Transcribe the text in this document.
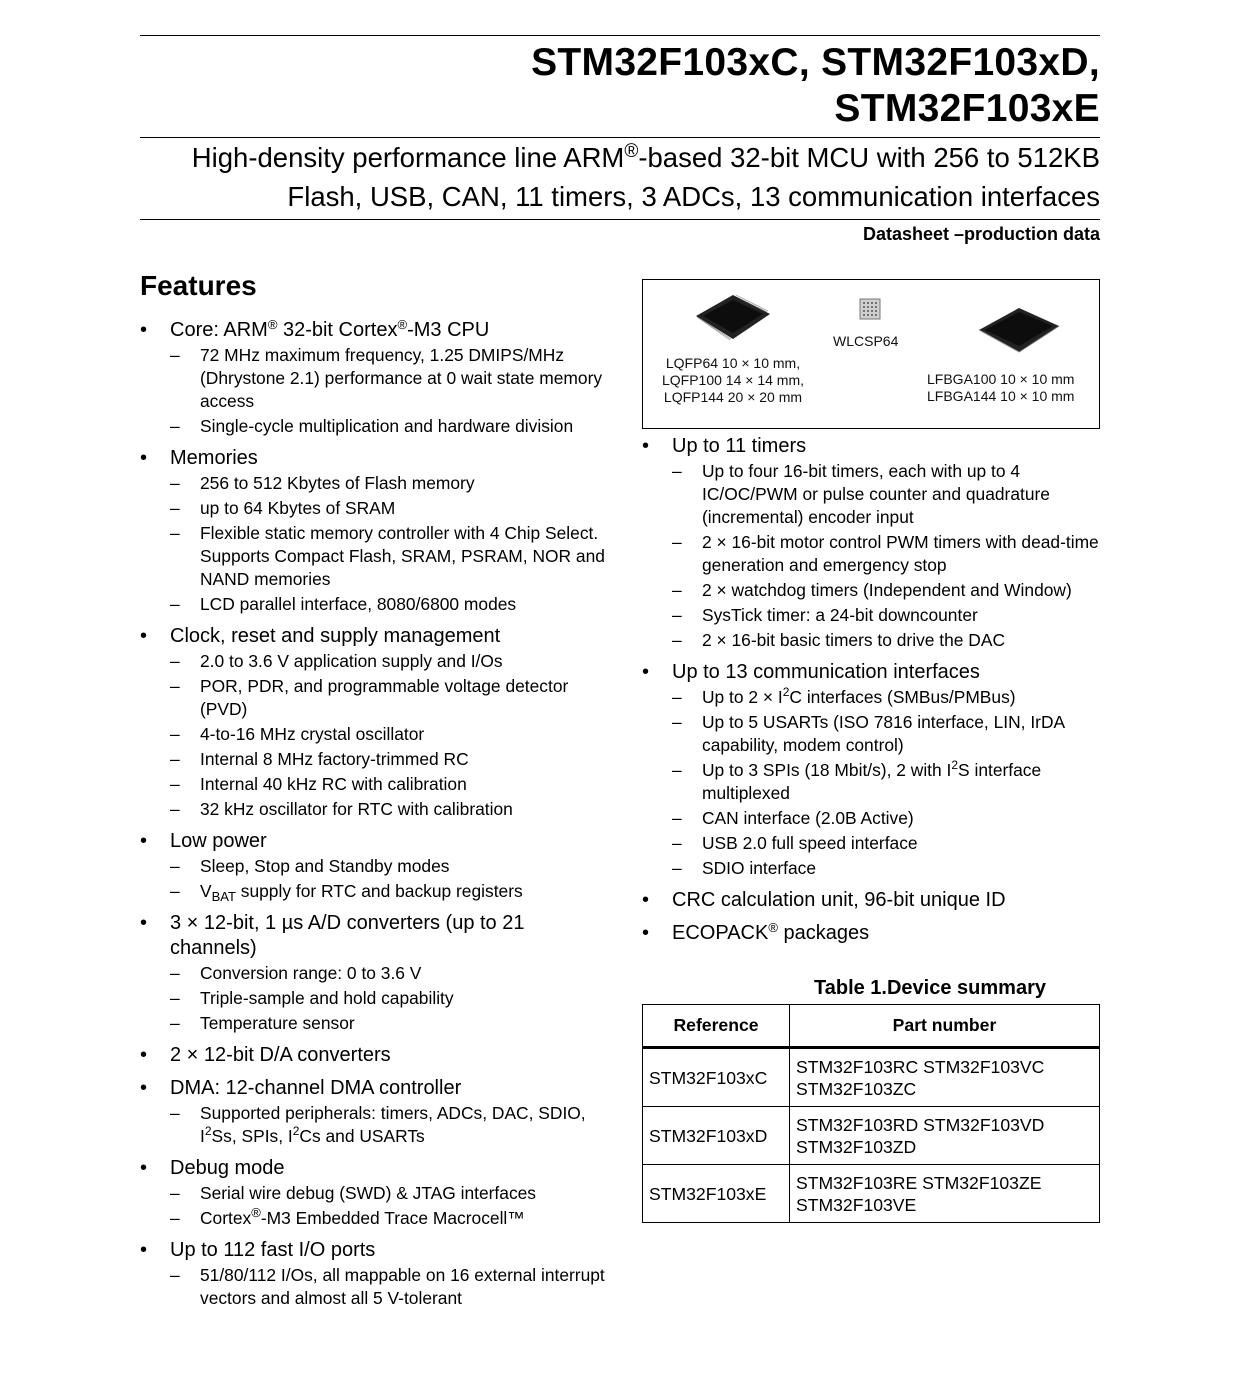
STM32F103xC, STM32F103xD,
STM32F103xE
High-density performance line ARM®-based 32-bit MCU with 256 to 512KB
Flash, USB, CAN, 11 timers, 3 ADCs, 13 communication interfaces
Datasheet –production data
Features
• Core: ARM® 32-bit Cortex®-M3 CPU
– 72 MHz maximum frequency, 1.25 DMIPS/MHz (Dhrystone 2.1) performance at 0 wait state memory access
– Single-cycle multiplication and hardware division
• Memories
– 256 to 512 Kbytes of Flash memory
– up to 64 Kbytes of SRAM
– Flexible static memory controller with 4 Chip Select. Supports Compact Flash, SRAM, PSRAM, NOR and NAND memories
– LCD parallel interface, 8080/6800 modes
• Clock, reset and supply management
– 2.0 to 3.6 V application supply and I/Os
– POR, PDR, and programmable voltage detector (PVD)
– 4-to-16 MHz crystal oscillator
– Internal 8 MHz factory-trimmed RC
– Internal 40 kHz RC with calibration
– 32 kHz oscillator for RTC with calibration
• Low power
– Sleep, Stop and Standby modes
– $V_{BAT}$ supply for RTC and backup registers
• 3 × 12-bit, 1 µs A/D converters (up to 21 channels)
– Conversion range: 0 to 3.6 V
– Triple-sample and hold capability
– Temperature sensor
• 2 × 12-bit D/A converters
• DMA: 12-channel DMA controller
– Supported peripherals: timers, ADCs, DAC, SDIO, $I^2Ss$, SPIs, $I^2Cs$ and USARTs
• Debug mode
– Serial wire debug (SWD) & JTAG interfaces
– Cortex®-M3 Embedded Trace Macrocell™
• Up to 112 fast I/O ports
– 51/80/112 I/Os, all mappable on 16 external interrupt vectors and almost all 5 V-tolerant
LQFP64 10 × 10 mm,
LQFP100 14 × 14 mm,
LQFP144 20 × 20 mm
WLCSP64
LFBGA100 10 × 10 mm
LFBGA144 10 × 10 mm
• Up to 11 timers
– Up to four 16-bit timers, each with up to 4 IC/OC/PWM or pulse counter and quadrature (incremental) encoder input
– 2 × 16-bit motor control PWM timers with dead-time generation and emergency stop
– 2 × watchdog timers (Independent and Window)
– SysTick timer: a 24-bit downcounter
– 2 × 16-bit basic timers to drive the DAC
• Up to 13 communication interfaces
– Up to $2 \times I^2C$ interfaces (SMBus/PMBus)
– Up to 5 USARTs (ISO 7816 interface, LIN, IrDA capability, modem control)
– Up to 3 SPIs (18 Mbit/s), 2 with $I^2S$ interface multiplexed
– CAN interface (2.0B Active)
– USB 2.0 full speed interface
– SDIO interface
• CRC calculation unit, 96-bit unique ID
• ECOPACK® packages
Table 1.Device summary
Reference	Part number
STM32F103xC	STM32F103RC STM32F103VC
STM32F103ZC

STM32F103xD	STM32F103RD STM32F103VD
STM32F103ZD

STM32F103xE	STM32F103RE STM32F103ZE
STM32F103VE
